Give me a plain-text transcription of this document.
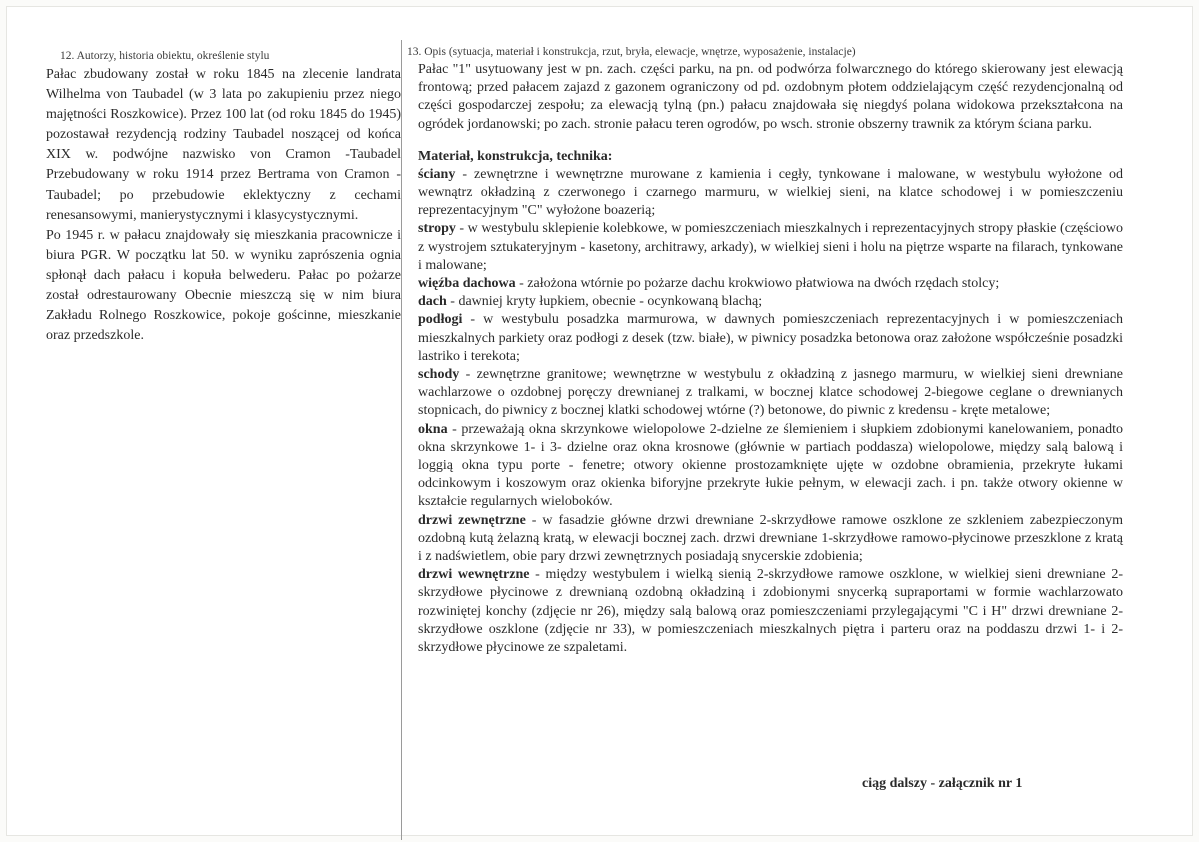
12. Autorzy, historia obiektu, określenie stylu
Pałac zbudowany został w roku 1845 na zlecenie landrata Wilhelma von Taubadel (w 3 lata po zakupieniu przez niego majętności Roszkowice). Przez 100 lat (od roku 1845 do 1945) pozostawał rezydencją rodziny Taubadel noszącej od końca XIX w. podwójne nazwisko von Cramon -Taubadel Przebudowany w roku 1914 przez Bertrama von Cramon - Taubadel; po przebudowie eklektyczny z cechami renesansowymi, manierystycznymi i klasycystycznymi.
Po 1945 r. w pałacu znajdowały się mieszkania pracownicze i biura PGR. W początku lat 50. w wyniku zaprószenia ognia spłonął dach pałacu i kopuła belwederu. Pałac po pożarze został odrestaurowany Obecnie mieszczą się w nim biura Zakładu Rolnego Roszkowice, pokoje gościnne, mieszkanie oraz przedszkole.
13. Opis (sytuacja, materiał i konstrukcja, rzut, bryła, elewacje, wnętrze, wyposażenie, instalacje)
Pałac "1" usytuowany jest w pn. zach. części parku, na pn. od podwórza folwarcznego do którego skierowany jest elewacją frontową; przed pałacem zajazd z gazonem ograniczony od pd. ozdobnym płotem oddzielającym część rezydencjonalną od części gospodarczej zespołu; za elewacją tylną (pn.) pałacu znajdowała się niegdyś polana widokowa przekształcona na ogródek jordanowski; po zach. stronie pałacu teren ogrodów, po wsch. stronie obszerny trawnik za którym ściana parku.
Materiał, konstrukcja, technika:

ściany - zewnętrzne i wewnętrzne murowane z kamienia i cegły, tynkowane i malowane, w westybulu wyłożone od wewnątrz okładziną z czerwonego i czarnego marmuru, w wielkiej sieni, na klatce schodowej i w pomieszczeniu reprezentacyjnym "C" wyłożone boazerią;

stropy - w westybulu sklepienie kolebkowe, w pomieszczeniach mieszkalnych i reprezentacyjnych stropy płaskie (częściowo z wystrojem sztukateryjnym - kasetony, architrawy, arkady), w wielkiej sieni i holu na piętrze wsparte na filarach, tynkowane i malowane;

więźba dachowa - założona wtórnie po pożarze dachu krokwiowo płatwiowa na dwóch rzędach stolcy;

dach - dawniej kryty łupkiem, obecnie - ocynkowaną blachą;

podłogi - w westybulu posadzka marmurowa, w dawnych pomieszczeniach reprezentacyjnych i w pomieszczeniach mieszkalnych parkiety oraz podłogi z desek (tzw. białe), w piwnicy posadzka betonowa oraz założone współcześnie posadzki lastriko i terekota;

schody - zewnętrzne granitowe; wewnętrzne w westybulu z okładziną z jasnego marmuru, w wielkiej sieni drewniane wachlarzowe o ozdobnej poręczy drewnianej z tralkami, w bocznej klatce schodowej 2-biegowe ceglane o drewnianych stopnicach, do piwnicy z bocznej klatki schodowej wtórne (?) betonowe, do piwnic z kredensu - kręte metalowe;

okna - przeważają okna skrzynkowe wielopolowe 2-dzielne ze ślemieniem i słupkiem zdobionymi kanelowaniem, ponadto okna skrzynkowe 1- i 3- dzielne oraz okna krosnowe (głównie w partiach poddasza) wielopolowe, między salą balową i loggią okna typu porte - fenetre; otwory okienne prostozamknięte ujęte w ozdobne obramienia, przekryte łukami odcinkowym i koszowym oraz okienka biforyjne przekryte łukie pełnym, w elewacji zach. i pn. także otwory okienne w kształcie regularnych wieloboków.

drzwi zewnętrzne - w fasadzie główne drzwi drewniane 2-skrzydłowe ramowe oszklone ze szkleniem zabezpieczonym ozdobną kutą żelazną kratą, w elewacji bocznej zach. drzwi drewniane 1-skrzydłowe ramowo-płycinowe przeszklone z kratą i z nadświetlem, obie pary drzwi zewnętrznych posiadają snycerskie zdobienia;

drzwi wewnętrzne - między westybulem i wielką sienią 2-skrzydłowe ramowe oszklone, w wielkiej sieni drewniane 2-skrzydłowe płycinowe z drewnianą ozdobną okładziną i zdobionymi snycerką supraportami w formie wachlarzowato rozwiniętej konchy (zdjęcie nr 26), między salą balową oraz pomieszczeniami przylegającymi "C i H" drzwi drewniane 2-skrzydłowe oszklone (zdjęcie nr 33), w pomieszczeniach mieszkalnych piętra i parteru oraz na poddaszu drzwi 1- i 2-skrzydłowe płycinowe ze szpaletami.

ciąg dalszy - załącznik nr 1
